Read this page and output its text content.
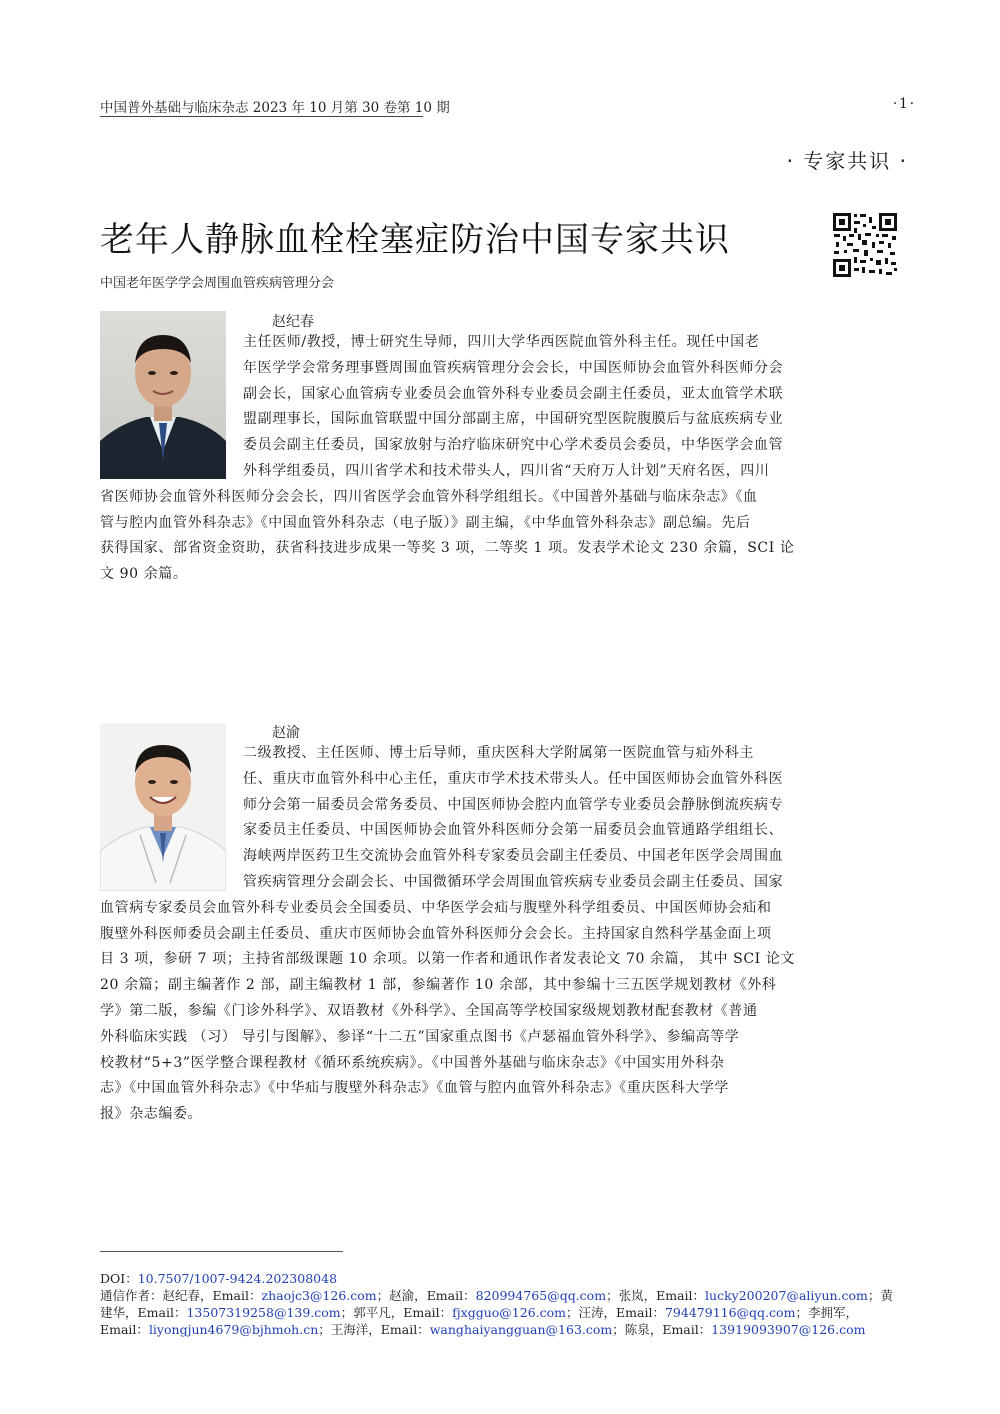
中国普外基础与临床杂志 2023 年 10 月第 30 卷第 10 期	·1·
· 专家共识 ·
老年人静脉血栓栓塞症防治中国专家共识
中国老年医学学会周围血管疾病管理分会
赵纪春
主任医师/教授，博士研究生导师，四川大学华西医院血管外科主任。现任中国老
年医学学会常务理事暨周围血管疾病管理分会会长，中国医师协会血管外科医师分会
副会长，国家心血管病专业委员会血管外科专业委员会副主任委员，亚太血管学术联
盟副理事长，国际血管联盟中国分部副主席，中国研究型医院腹膜后与盆底疾病专业
委员会副主任委员，国家放射与治疗临床研究中心学术委员会委员，中华医学会血管
外科学组委员，四川省学术和技术带头人，四川省“天府万人计划”天府名医，四川
省医师协会血管外科医师分会会长，四川省医学会血管外科学组组长。《中国普外基础与临床杂志》《血
管与腔内血管外科杂志》《中国血管外科杂志（电子版）》副主编，《中华血管外科杂志》副总编。先后
获得国家、部省资金资助，获省科技进步成果一等奖 3 项，二等奖 1 项。发表学术论文 230 余篇，SCI 论
文 90 余篇。
赵渝
二级教授、主任医师、博士后导师，重庆医科大学附属第一医院血管与疝外科主
任、重庆市血管外科中心主任，重庆市学术技术带头人。任中国医师协会血管外科医
师分会第一届委员会常务委员、中国医师协会腔内血管学专业委员会静脉倒流疾病专
家委员主任委员、中国医师协会血管外科医师分会第一届委员会血管通路学组组长、
海峡两岸医药卫生交流协会血管外科专家委员会副主任委员、中国老年医学会周围血
管疾病管理分会副会长、中国微循环学会周围血管疾病专业委员会副主任委员、国家
血管病专家委员会血管外科专业委员会全国委员、中华医学会疝与腹壁外科学组委员、中国医师协会疝和
腹壁外科医师委员会副主任委员、重庆市医师协会血管外科医师分会会长。主持国家自然科学基金面上项
目 3 项，参研 7 项；主持省部级课题 10 余项。以第一作者和通讯作者发表论文 70 余篇， 其中 SCI 论文
20 余篇；副主编著作 2 部，副主编教材 1 部，参编著作 10 余部，其中参编十三五医学规划教材《外科
学》第二版，参编《门诊外科学》、双语教材《外科学》、全国高等学校国家级规划教材配套教材《普通
外科临床实践 （习） 导引与图解》、参译“十二五”国家重点图书《卢瑟福血管外科学》、参编高等学
校教材“5+3”医学整合课程教材《循环系统疾病》。《中国普外基础与临床杂志》《中国实用外科杂
志》《中国血管外科杂志》《中华疝与腹壁外科杂志》《血管与腔内血管外科杂志》《重庆医科大学学
报》杂志编委。
DOI：10.7507/1007-9424.202308048
通信作者：赵纪春，Email：zhaojc3@126.com；赵渝，Email：820994765@qq.com；张岚，Email：lucky200207@aliyun.com；黄
建华，Email：13507319258@139.com；郭平凡，Email：fjxgguo@126.com；汪涛，Email：794479116@qq.com；李拥军，
Email：liyongjun4679@bjhmoh.cn；王海洋，Email：wanghaiyangguan@163.com；陈泉，Email：13919093907@126.com
